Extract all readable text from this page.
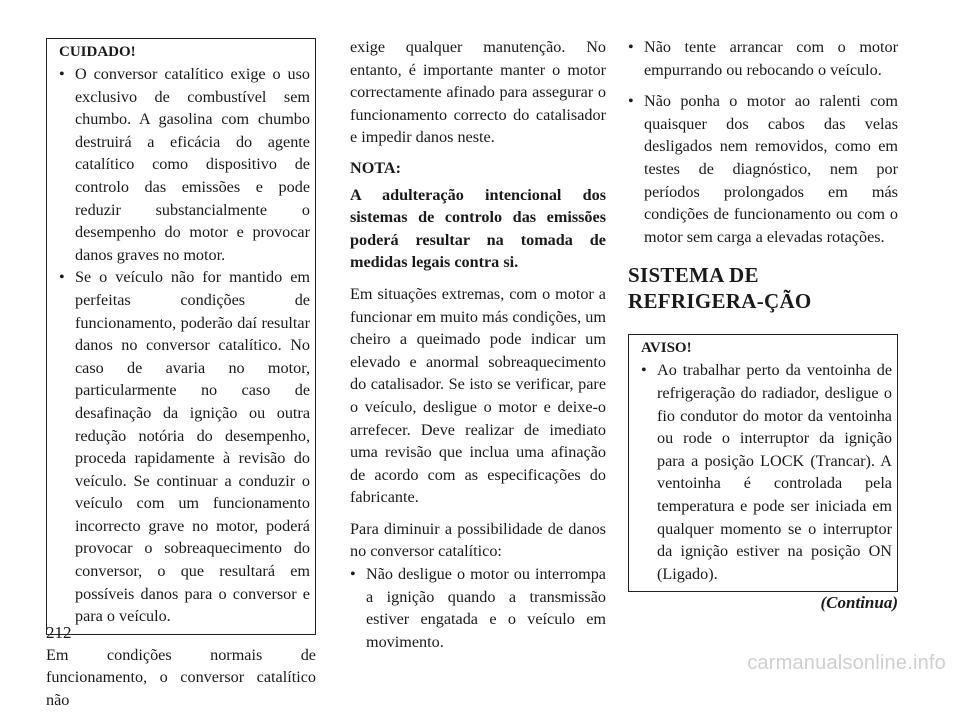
CUIDADO!
• O conversor catalítico exige o uso exclusivo de combustível sem chumbo. A gasolina com chumbo destruirá a eficácia do agente catalítico como dispositivo de controlo das emissões e pode reduzir substancialmente o desempenho do motor e provocar danos graves no motor.
• Se o veículo não for mantido em perfeitas condições de funcionamento, poderão daí resultar danos no conversor catalítico. No caso de avaria no motor, particularmente no caso de desafinação da ignição ou outra redução notória do desempenho, proceda rapidamente à revisão do veículo. Se continuar a conduzir o veículo com um funcionamento incorrecto grave no motor, poderá provocar o sobreaquecimento do conversor, o que resultará em possíveis danos para o conversor e para o veículo.

Em condições normais de funcionamento, o conversor catalítico não

exige qualquer manutenção. No entanto, é importante manter o motor correctamente afinado para assegurar o funcionamento correcto do catalisador e impedir danos neste.

NOTA:

A adulteração intencional dos sistemas de controlo das emissões poderá resultar na tomada de medidas legais contra si.

Em situações extremas, com o motor a funcionar em muito más condições, um cheiro a queimado pode indicar um elevado e anormal sobreaquecimento do catalisador. Se isto se verificar, pare o veículo, desligue o motor e deixe-o arrefecer. Deve realizar de imediato uma revisão que inclua uma afinação de acordo com as especificações do fabricante.

Para diminuir a possibilidade de danos no conversor catalítico:

• Não desligue o motor ou interrompa a ignição quando a transmissão estiver engatada e o veículo em movimento.
• Não tente arrancar com o motor empurrando ou rebocando o veículo.
• Não ponha o motor ao ralenti com quaisquer dos cabos das velas desligados nem removidos, como em testes de diagnóstico, nem por períodos prolongados em más condições de funcionamento ou com o motor sem carga a elevadas rotações.
SISTEMA DE REFRIGERA-ÇÃO
AVISO!
• Ao trabalhar perto da ventoinha de refrigeração do radiador, desligue o fio condutor do motor da ventoinha ou rode o interruptor da ignição para a posição LOCK (Trancar). A ventoinha é controlada pela temperatura e pode ser iniciada em qualquer momento se o interruptor da ignição estiver na posição ON (Ligado).
(Continua)
212
carmanualsonline.info
